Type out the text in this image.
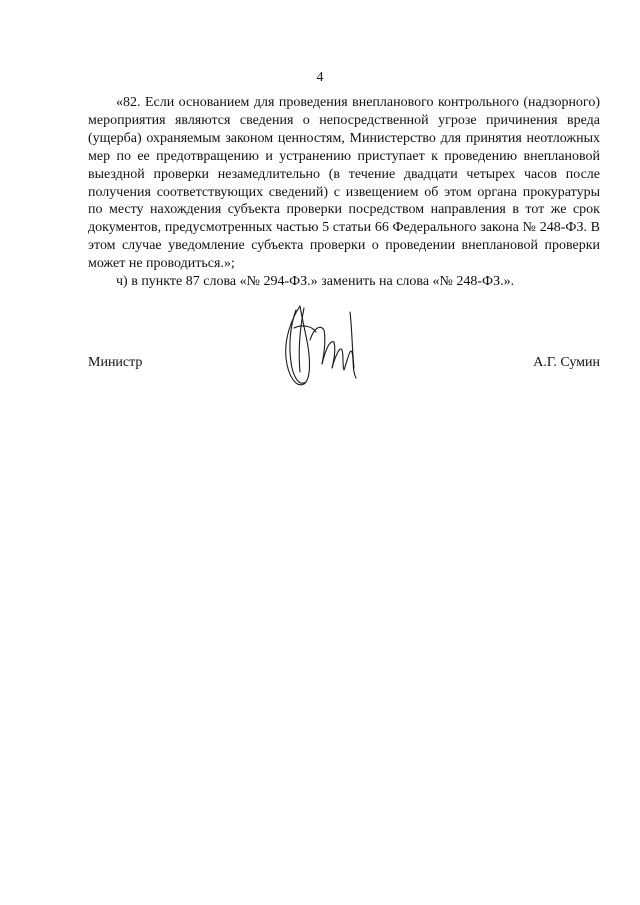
4

«82. Если основанием для проведения внепланового контрольного (надзорного) мероприятия являются сведения о непосредственной угрозе причинения вреда (ущерба) охраняемым законом ценностям, Министерство для принятия неотложных мер по ее предотвращению и устранению приступает к проведению внеплановой выездной проверки незамедлительно (в течение двадцати четырех часов после получения соответствующих сведений) с извещением об этом органа прокуратуры по месту нахождения субъекта проверки посредством направления в тот же срок документов, предусмотренных частью 5 статьи 66 Федерального закона № 248-ФЗ. В этом случае уведомление субъекта проверки о проведении внеплановой проверки может не проводиться.»;

ч) в пункте 87 слова «№ 294-ФЗ.» заменить на слова «№ 248-ФЗ.».

Министр	А.Г. Сумин
